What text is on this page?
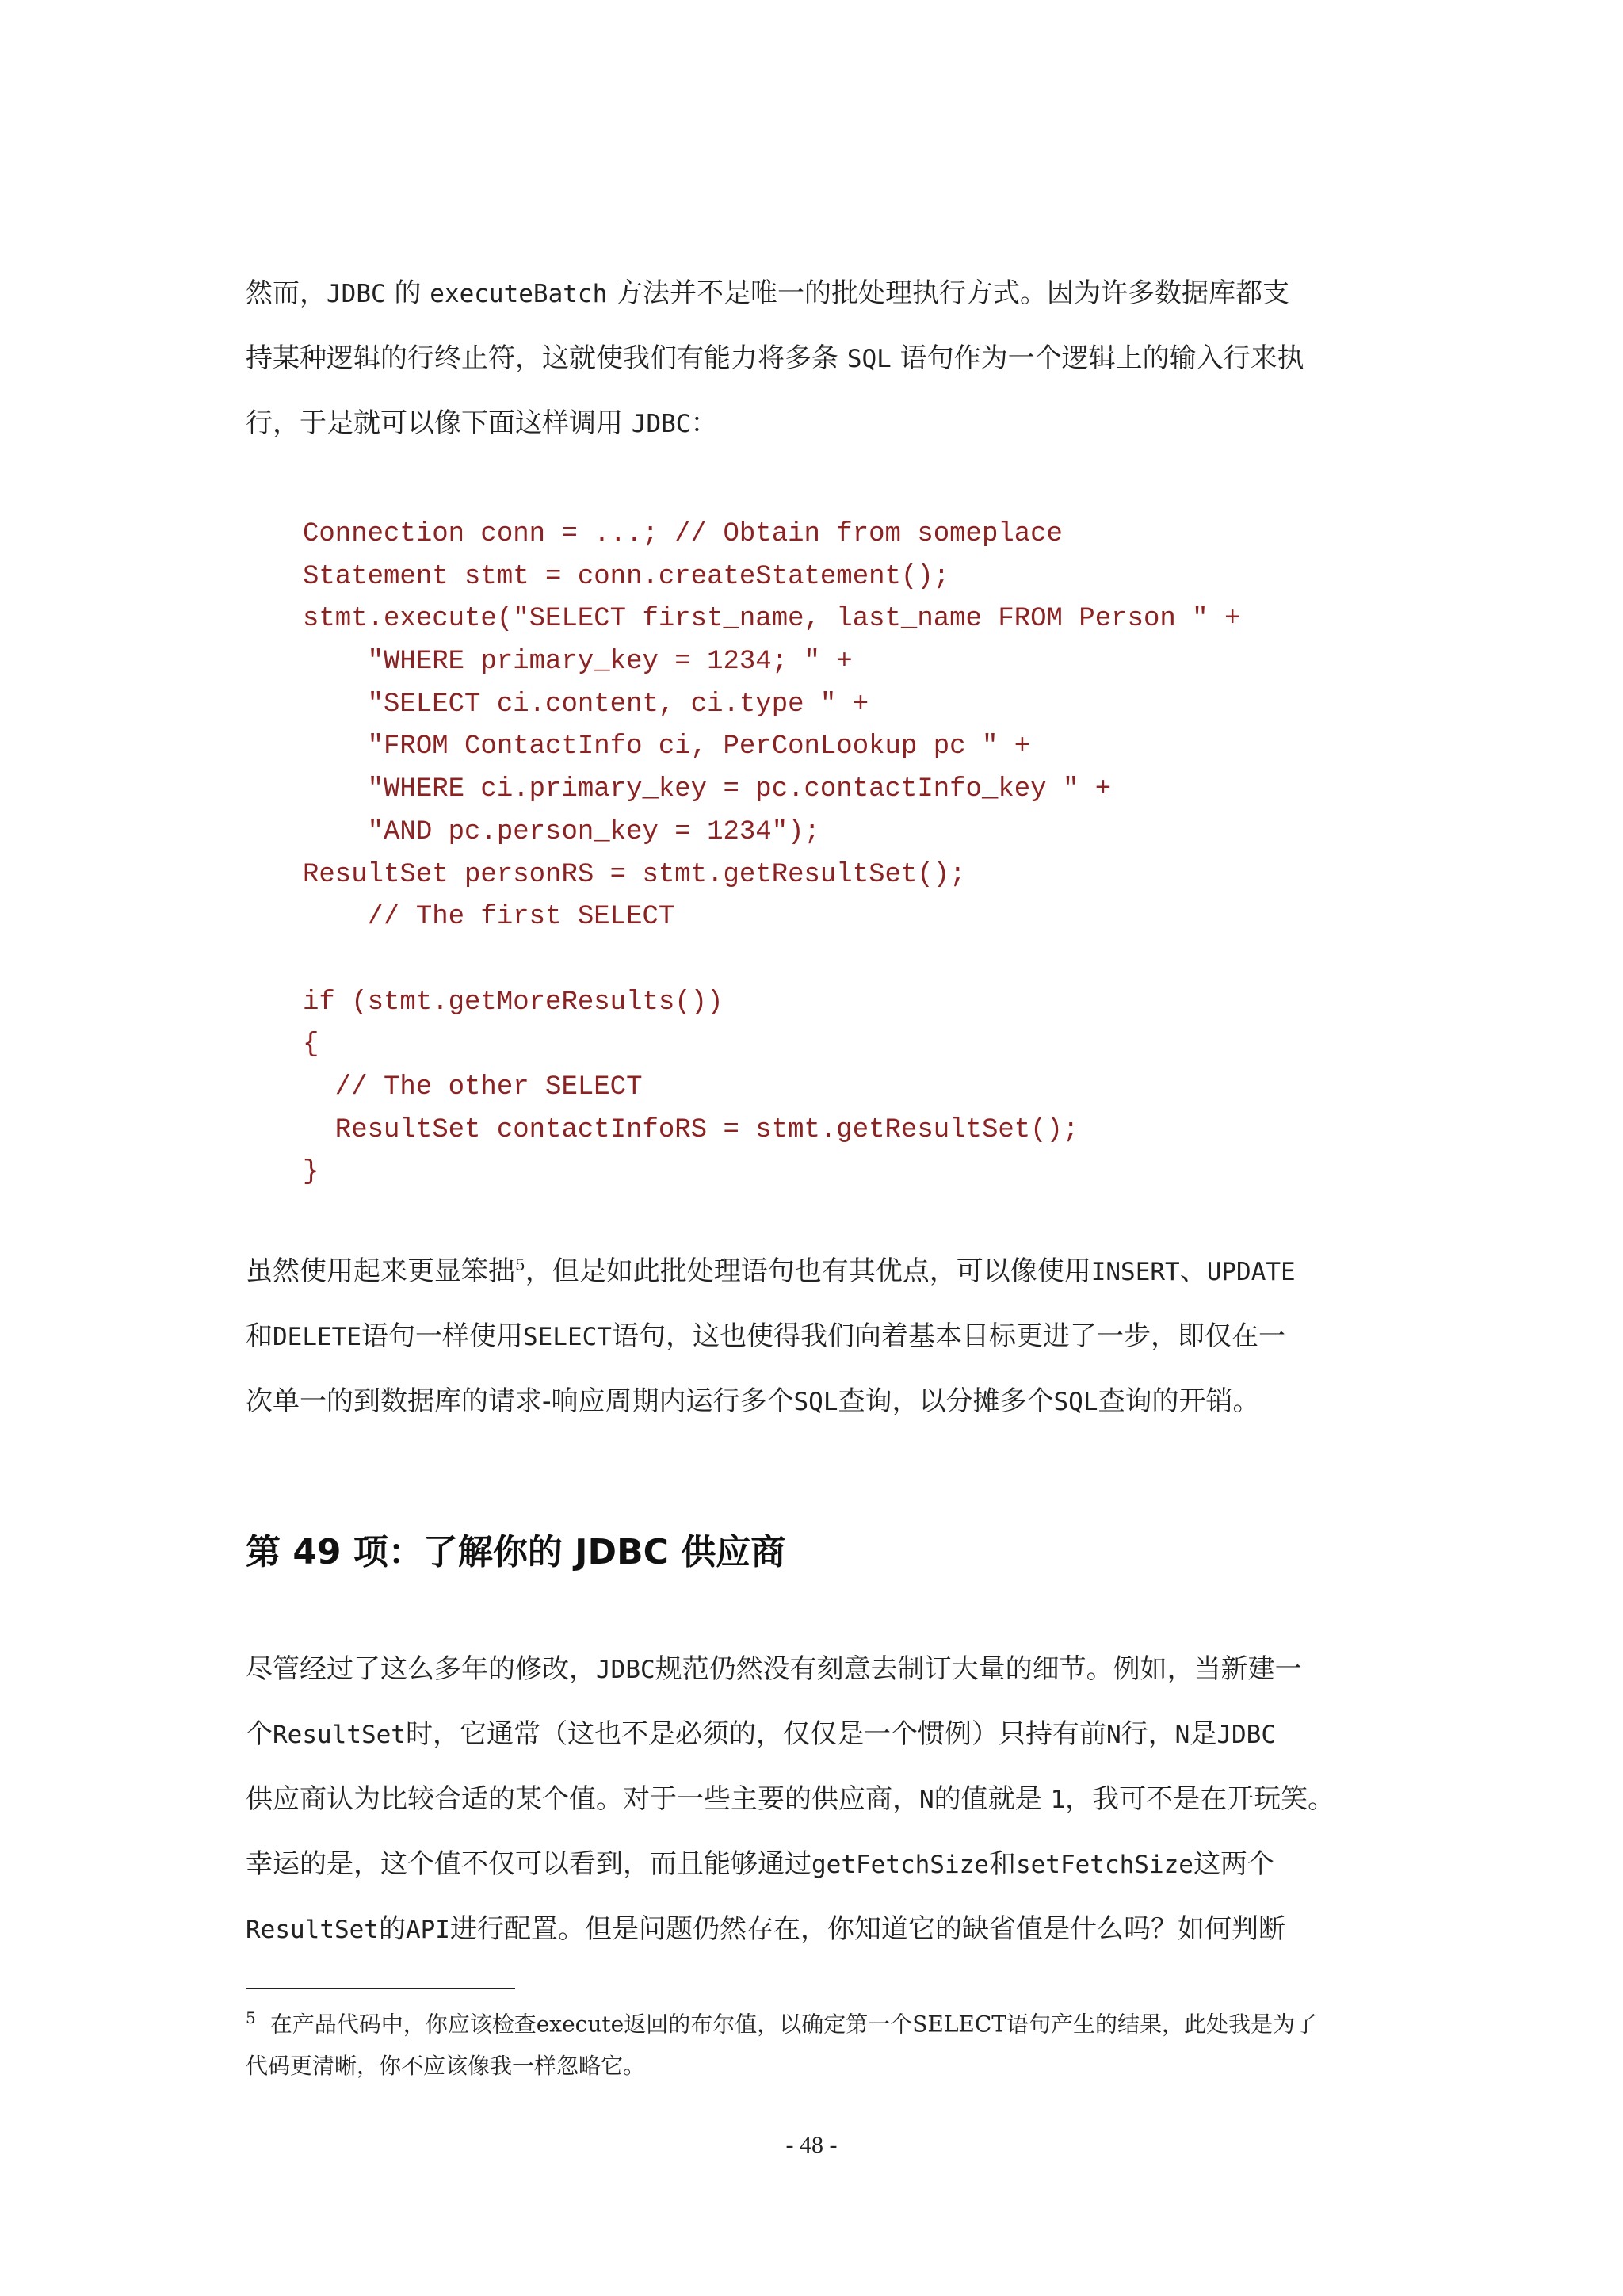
然而，JDBC 的 executeBatch 方法并不是唯一的批处理执行方式。因为许多数据库都支
持某种逻辑的行终止符，这就使我们有能力将多条 SQL 语句作为一个逻辑上的输入行来执
行，于是就可以像下面这样调用 JDBC：
Connection conn = ...; // Obtain from someplace
Statement stmt = conn.createStatement();
stmt.execute("SELECT first_name, last_name FROM Person " +
"WHERE primary_key = 1234; " +
"SELECT ci.content, ci.type " +
"FROM ContactInfo ci, PerConLookup pc " +
"WHERE ci.primary_key = pc.contactInfo_key " +
"AND pc.person_key = 1234");
ResultSet personRS = stmt.getResultSet();
// The first SELECT
if (stmt.getMoreResults())
{
// The other SELECT
ResultSet contactInfoRS = stmt.getResultSet();
}
虽然使用起来更显笨拙$^5$，但是如此批处理语句也有其优点，可以像使用INSERT、UPDATE
和DELETE语句一样使用SELECT语句，这也使得我们向着基本目标更进了一步，即仅在一
次单一的到数据库的请求-响应周期内运行多个SQL查询，以分摊多个SQL查询的开销。
第 49 项：了解你的 JDBC 供应商
尽管经过了这么多年的修改，JDBC规范仍然没有刻意去制订大量的细节。例如，当新建一
个ResultSet时，它通常（这也不是必须的，仅仅是一个惯例）只持有前N行，N是JDBC
供应商认为比较合适的某个值。对于一些主要的供应商，N的值就是 1，我可不是在开玩笑。
幸运的是，这个值不仅可以看到，而且能够通过getFetchSize和setFetchSize这两个
ResultSet的API进行配置。但是问题仍然存在，你知道它的缺省值是什么吗？如何判断
$^5$ 在产品代码中，你应该检查execute返回的布尔值，以确定第一个SELECT语句产生的结果，此处我是为了
代码更清晰，你不应该像我一样忽略它。
- 48 -
